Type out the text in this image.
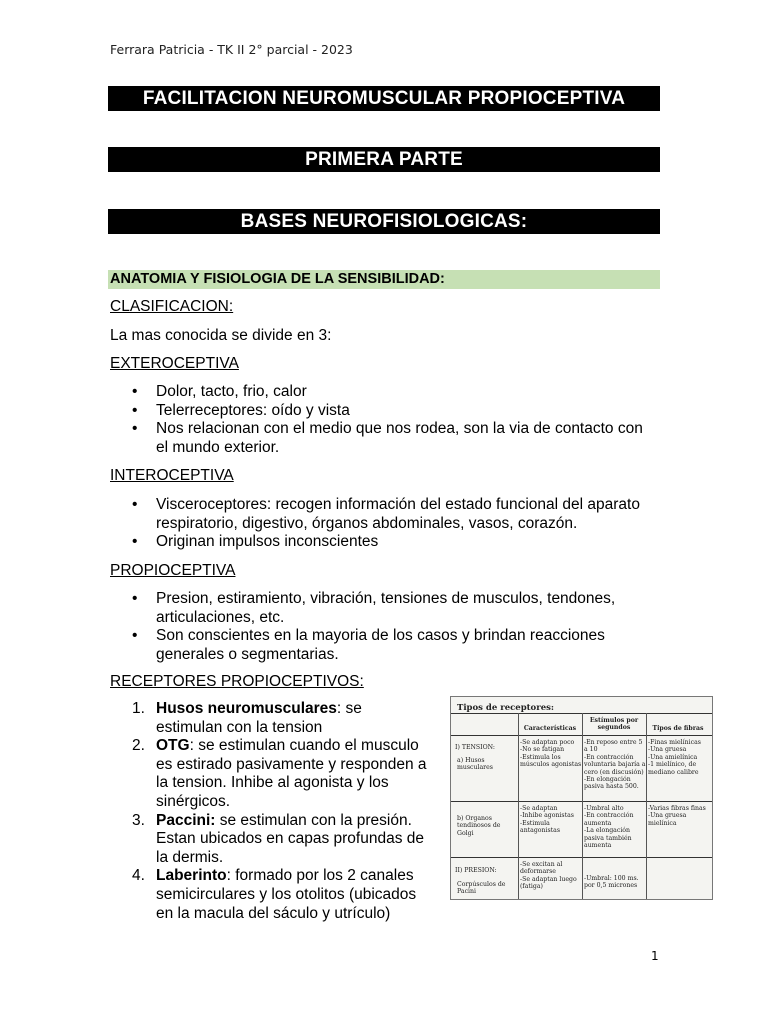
Ferrara Patricia - TK II 2° parcial - 2023
FACILITACION NEUROMUSCULAR PROPIOCEPTIVA
PRIMERA PARTE
BASES NEUROFISIOLOGICAS:
ANATOMIA Y FISIOLOGIA DE LA SENSIBILIDAD:
CLASIFICACION:
La mas conocida se divide en 3:
EXTEROCEPTIVA
• Dolor, tacto, frio, calor
• Telerreceptores: oído y vista
• Nos relacionan con el medio que nos rodea, son la via de contacto con el mundo exterior.
INTEROCEPTIVA
• Visceroceptores: recogen información del estado funcional del aparato respiratorio, digestivo, órganos abdominales, vasos, corazón.
• Originan impulsos inconscientes
PROPIOCEPTIVA
• Presion, estiramiento, vibración, tensiones de musculos, tendones, articulaciones, etc.
• Son conscientes en la mayoria de los casos y brindan reacciones generales o segmentarias.
RECEPTORES PROPIOCEPTIVOS:
1. Husos neuromusculares: se estimulan con la tension
2. OTG: se estimulan cuando el musculo es estirado pasivamente y responden a la tension. Inhibe al agonista y los sinérgicos.
3. Paccini: se estimulan con la presión. Estan ubicados en capas profundas de la dermis.
4. Laberinto: formado por los 2 canales semicirculares y los otolitos (ubicados en la macula del sáculo y utrículo)
Tipos de receptores:
Características
Estímulos por segundos	Tipos de fibras
I) TENSION:
a) Husos musculares
-Se adaptan poco
-No se fatigan
-Estimula los músculos agonistas
-En reposo entre 5 a 10
-En contracción voluntaria bajaría a cero (en discusión)
-En elongación pasiva hasta 500.
-Finas mielínicas
-Una gruesa
-Una amielínica
-1 mielínico, de mediano calibre
b) Organos tendinosos de Golgi
-Se adaptan
-Inhibe agonistas
-Estimula antagonistas
-Umbral alto
-En contracción aumenta
-La elongación pasiva también aumenta
-Varias fibras finas
-Una gruesa mielínica
II) PRESION:
Corpúsculos de Pacini
-Se excitan al deformarse
-Se adaptan luego (fatiga)
-Umbral: 100 ms. por 0,5 micrones
1
